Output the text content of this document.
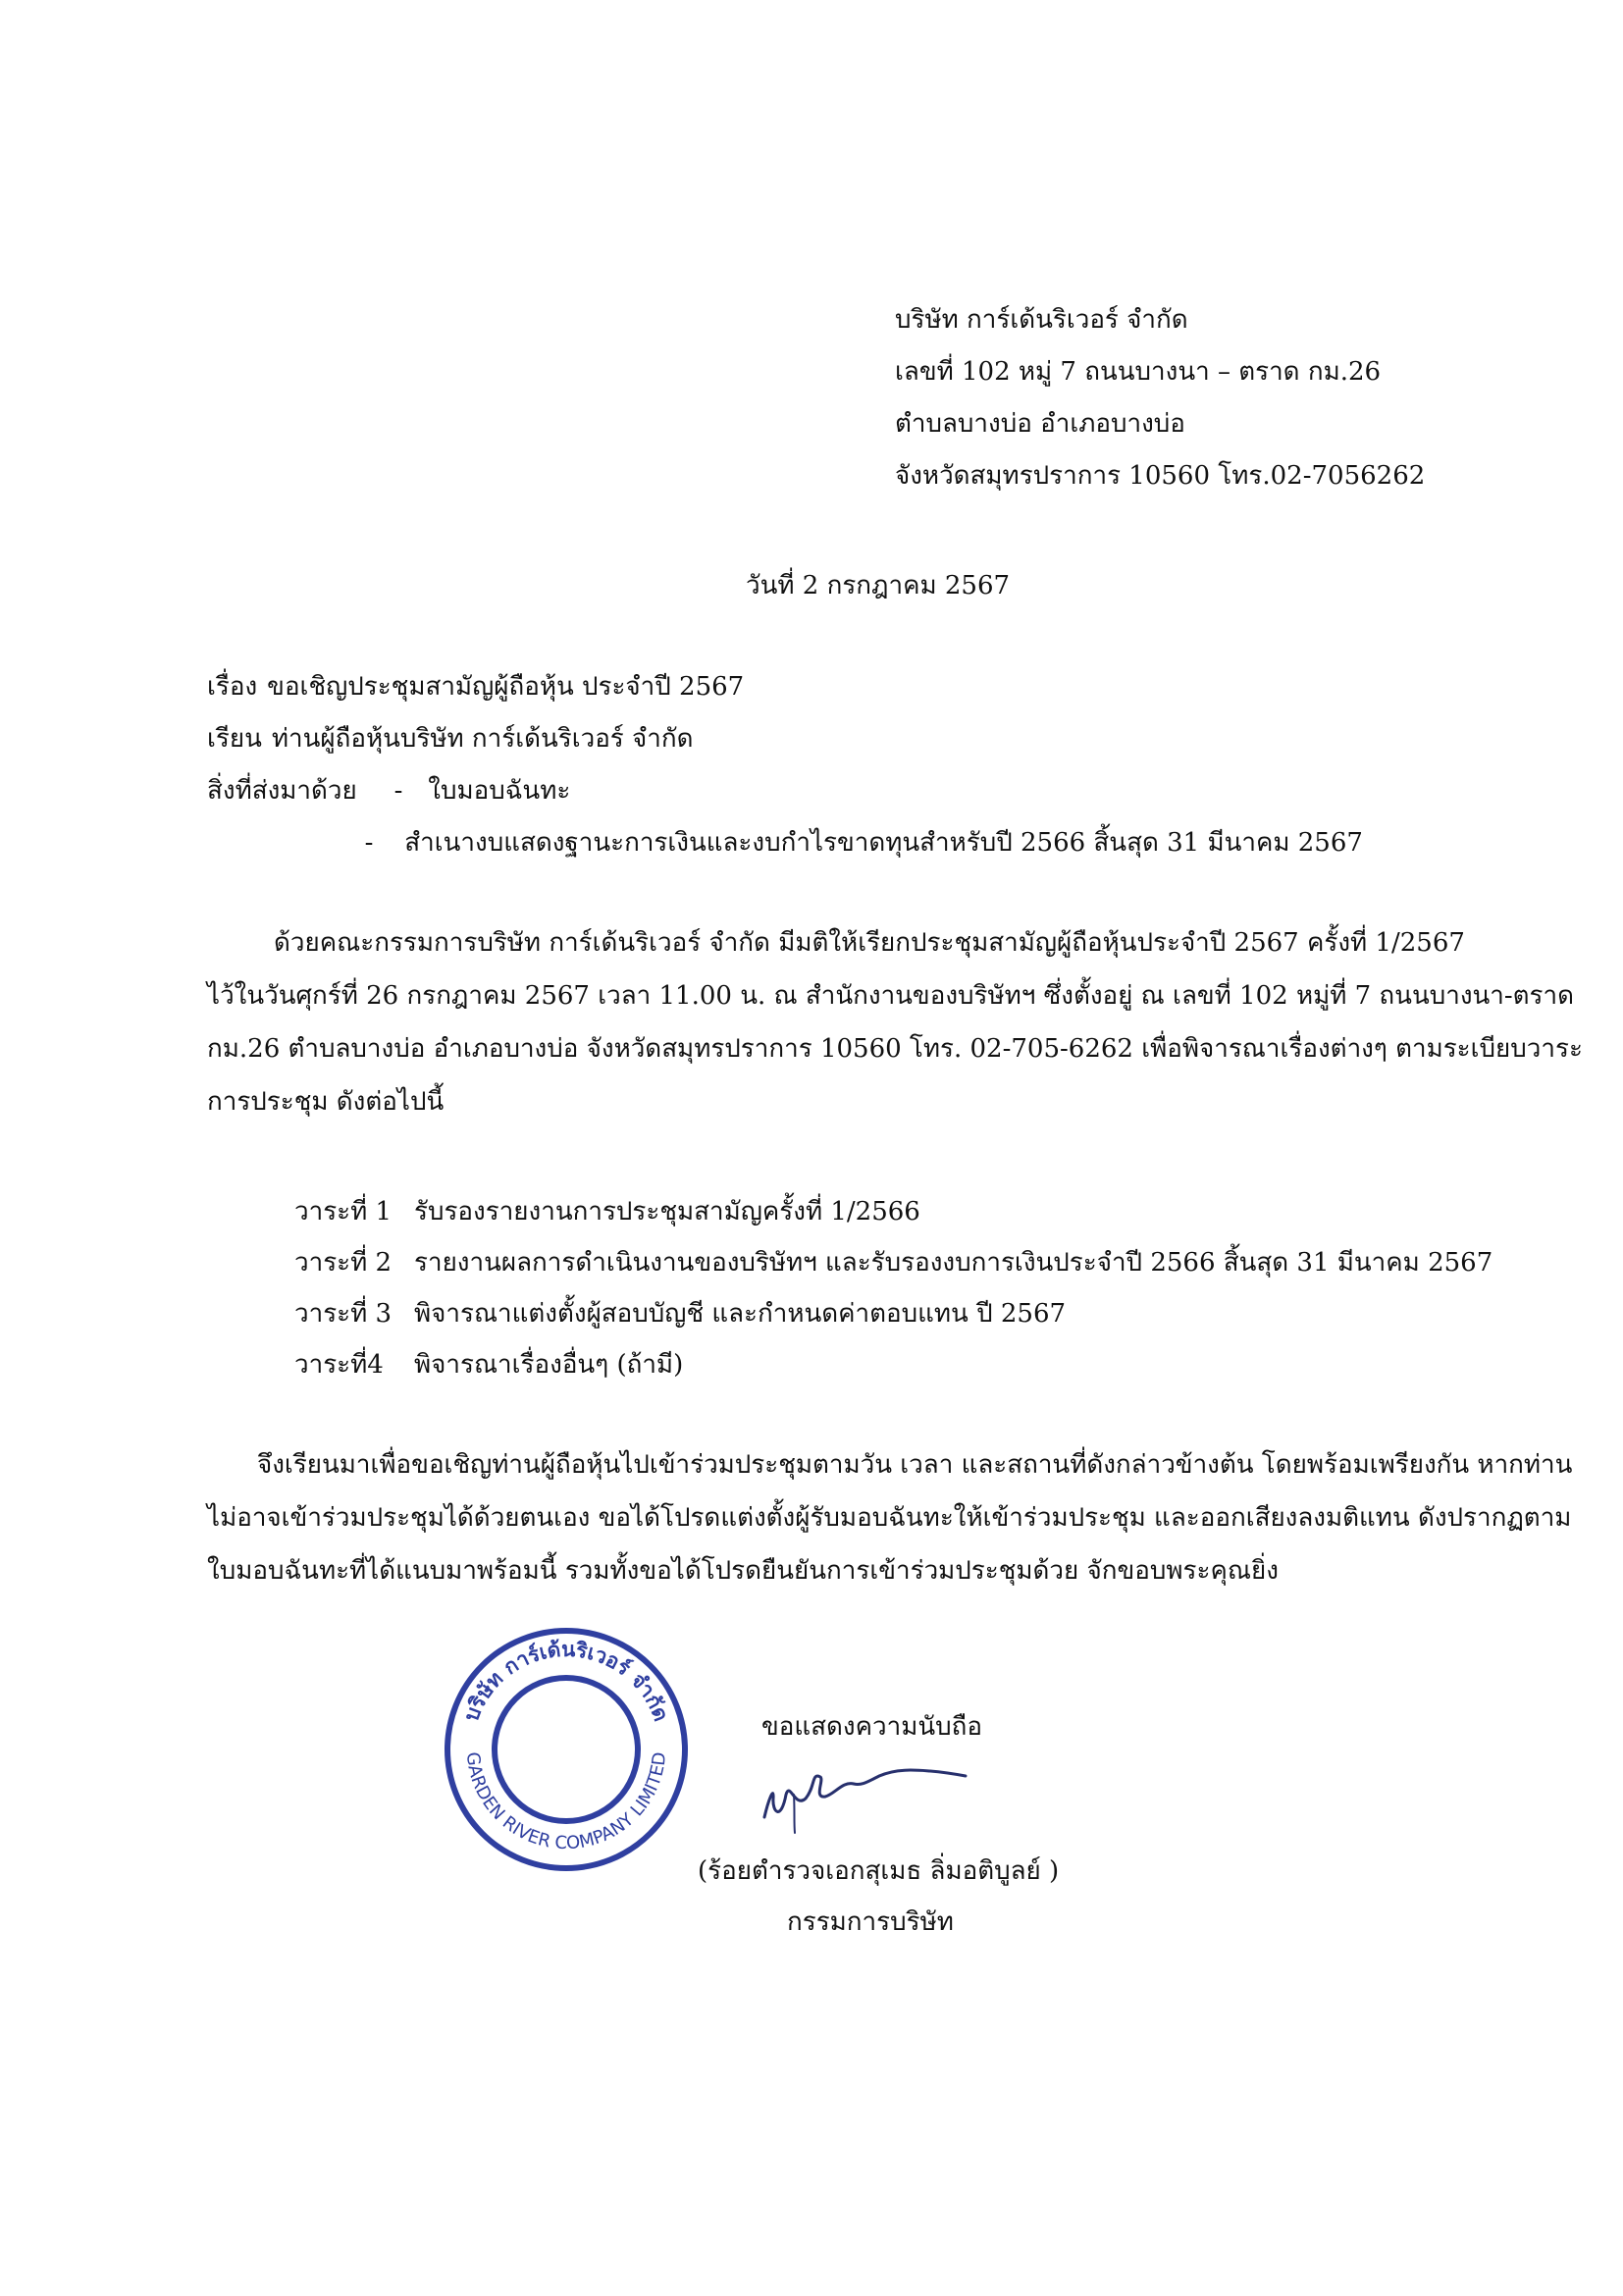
บริษัท การ์เด้นริเวอร์ จำกัด
เลขที่ 102 หมู่ 7 ถนนบางนา – ตราด กม.26
ตำบลบางบ่อ อำเภอบางบ่อ
จังหวัดสมุทรปราการ 10560 โทร.02-7056262
วันที่ 2 กรกฎาคม 2567
เรื่อง ขอเชิญประชุมสามัญผู้ถือหุ้น ประจำปี 2567
เรียน ท่านผู้ถือหุ้นบริษัท การ์เด้นริเวอร์ จำกัด
สิ่งที่ส่งมาด้วย - ใบมอบฉันทะ
- สำเนางบแสดงฐานะการเงินและงบกำไรขาดทุนสำหรับปี 2566 สิ้นสุด 31 มีนาคม 2567
ด้วยคณะกรรมการบริษัท การ์เด้นริเวอร์ จำกัด มีมติให้เรียกประชุมสามัญผู้ถือหุ้นประจำปี 2567 ครั้งที่ 1/2567
ไว้ในวันศุกร์ที่ 26 กรกฎาคม 2567 เวลา 11.00 น. ณ สำนักงานของบริษัทฯ ซึ่งตั้งอยู่ ณ เลขที่ 102 หมู่ที่ 7 ถนนบางนา-ตราด
กม.26 ตำบลบางบ่อ อำเภอบางบ่อ จังหวัดสมุทรปราการ 10560 โทร. 02-705-6262 เพื่อพิจารณาเรื่องต่างๆ ตามระเบียบวาระ
การประชุม ดังต่อไปนี้
วาระที่ 1 รับรองรายงานการประชุมสามัญครั้งที่ 1/2566
วาระที่ 2 รายงานผลการดำเนินงานของบริษัทฯ และรับรองงบการเงินประจำปี 2566 สิ้นสุด 31 มีนาคม 2567
วาระที่ 3 พิจารณาแต่งตั้งผู้สอบบัญชี และกำหนดค่าตอบแทน ปี 2567
วาระที่4 พิจารณาเรื่องอื่นๆ (ถ้ามี)
จึงเรียนมาเพื่อขอเชิญท่านผู้ถือหุ้นไปเข้าร่วมประชุมตามวัน เวลา และสถานที่ดังกล่าวข้างต้น โดยพร้อมเพรียงกัน หากท่าน
ไม่อาจเข้าร่วมประชุมได้ด้วยตนเอง ขอได้โปรดแต่งตั้งผู้รับมอบฉันทะให้เข้าร่วมประชุม และออกเสียงลงมติแทน ดังปรากฏตาม
ใบมอบฉันทะที่ได้แนบมาพร้อมนี้ รวมทั้งขอได้โปรดยืนยันการเข้าร่วมประชุมด้วย จักขอบพระคุณยิ่ง
บริษัท การ์เด้นริเวอร์ จำกัด
GARDEN RIVER COMPANY LIMITED
ขอแสดงความนับถือ
(ร้อยตำรวจเอกสุเมธ ลิ่มอติบูลย์ )
กรรมการบริษัท
